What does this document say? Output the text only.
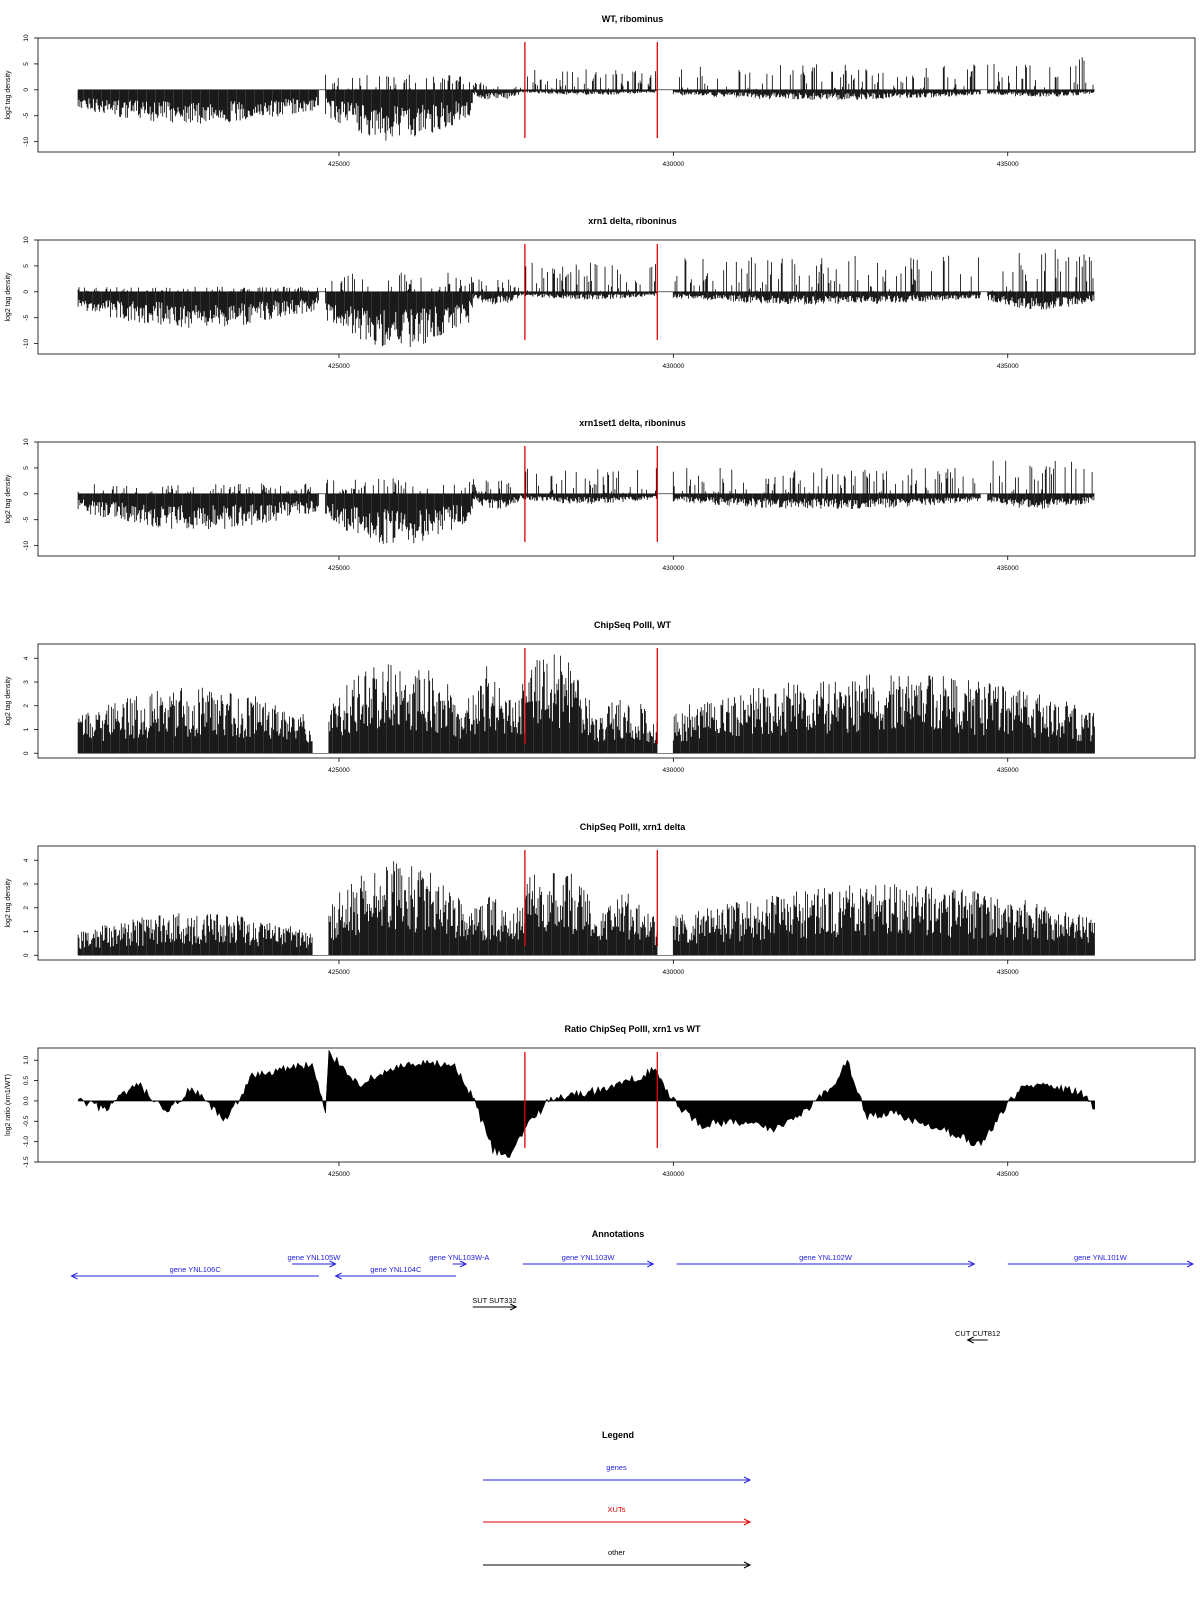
WT, ribominus
log2 tag density
10
5
0
-5
-10
425000	430000	435000
xrn1 delta, riboninus
log2 tag density
10
5
0
-5
-10
425000	430000	435000
xrn1set1 delta, riboninus
log2 tag density
10
5
0
-5
-10
425000	430000	435000
ChipSeq PolII, WT
log2 tag density
4
3
2
1
0
425000	430000	435000
ChipSeq PolII, xrn1 delta
log2 tag density
4
3
2
1
0
425000	430000	435000
Ratio ChipSeq PolII, xrn1 vs WT
log2 ratio (xrn1/WT)
1.0
0.5
0.0
-0.5
-1.0
-1.5
425000	430000	435000
Annotations
gene YNL106C
gene YNL105W
gene YNL104C
gene YNL103W-A	gene YNL103W	gene YNL102W	gene YNL101W
SUT SUT332
CUT CUT812
Legend
genes
XUTs
other
